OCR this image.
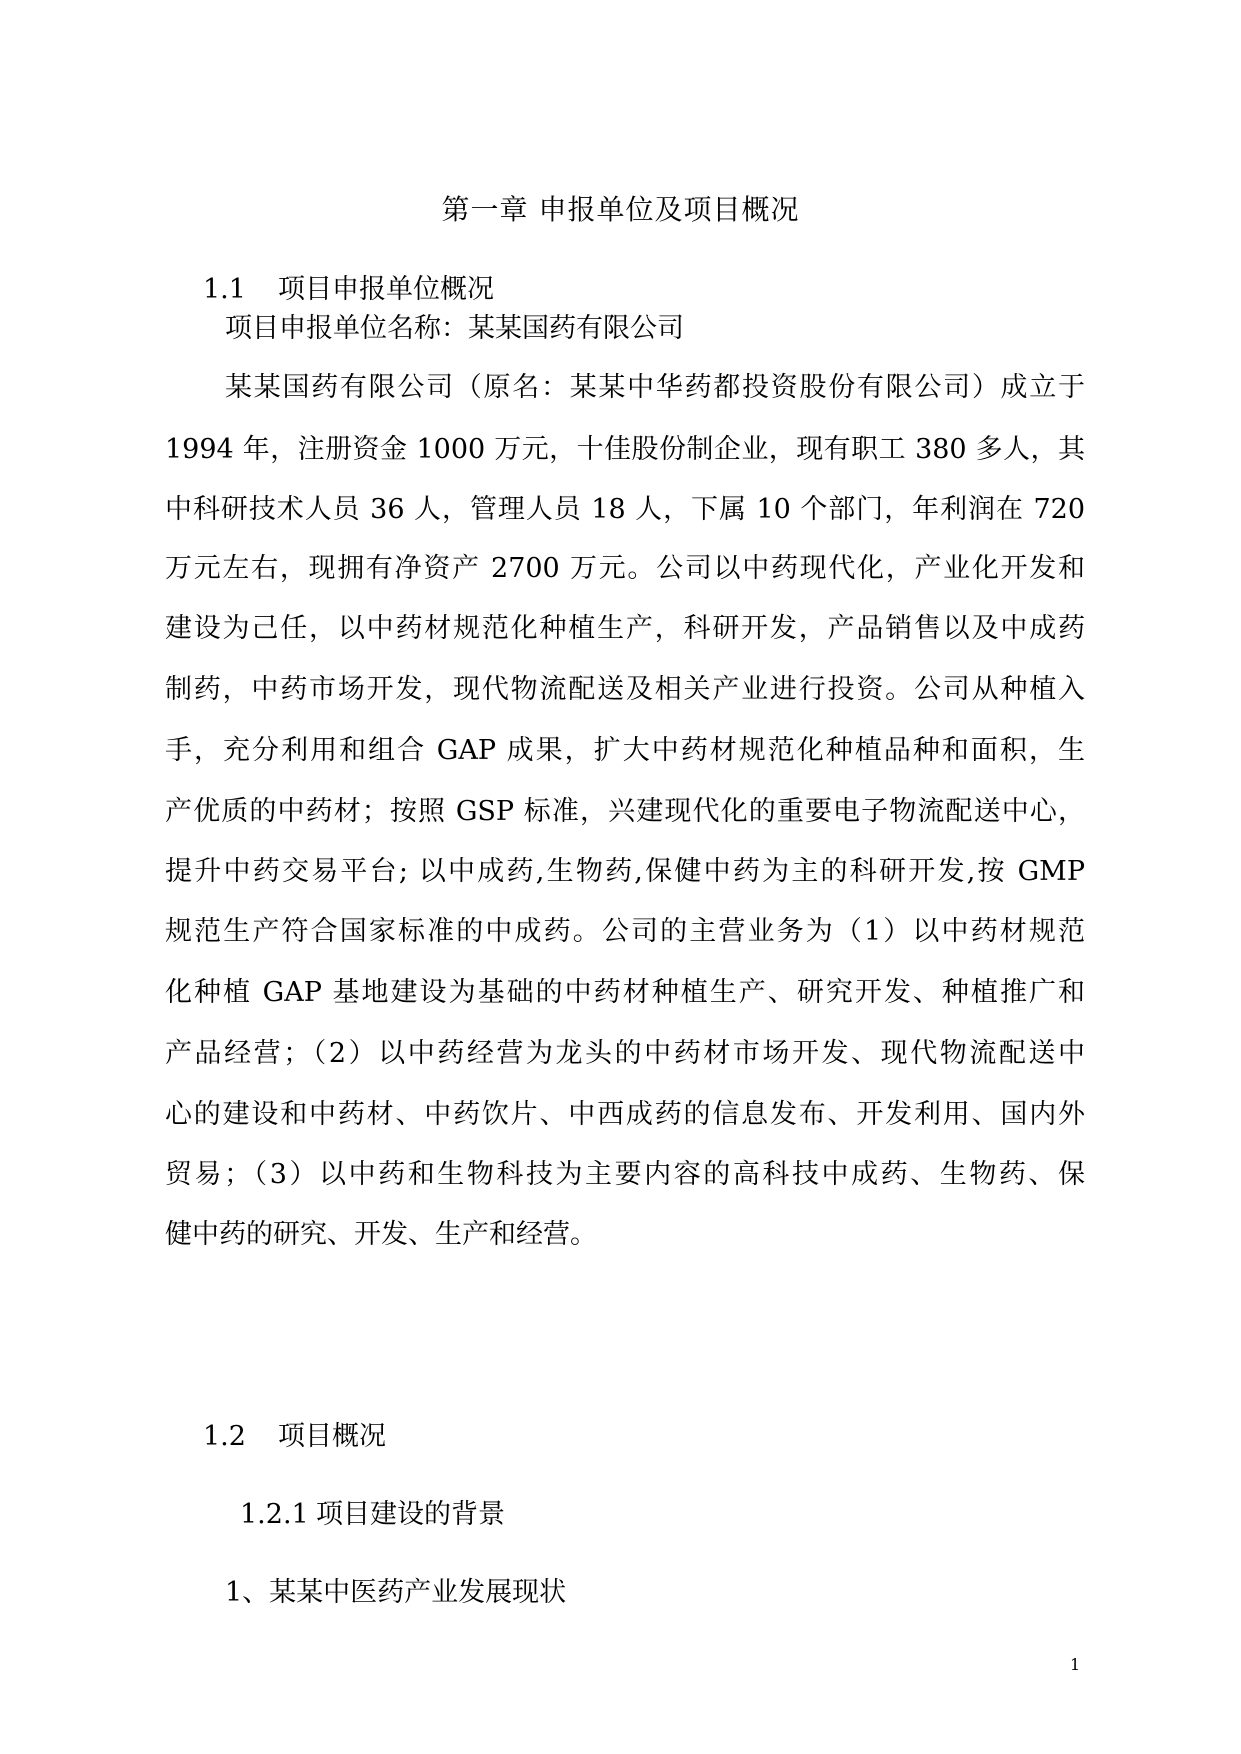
第一章 申报单位及项目概况
1.1 项目申报单位概况
项目申报单位名称：某某国药有限公司
某某国药有限公司（原名：某某中华药都投资股份有限公司）成立于
1994 年，注册资金 1000 万元，十佳股份制企业，现有职工 380 多人，其
中科研技术人员 36 人，管理人员 18 人，下属 10 个部门，年利润在 720
万元左右，现拥有净资产 2700 万元。公司以中药现代化，产业化开发和
建设为己任，以中药材规范化种植生产，科研开发，产品销售以及中成药
制药，中药市场开发，现代物流配送及相关产业进行投资。公司从种植入
手，充分利用和组合 GAP 成果，扩大中药材规范化种植品种和面积，生
产优质的中药材；按照 GSP 标准，兴建现代化的重要电子物流配送中心，
提升中药交易平台; 以中成药,生物药,保健中药为主的科研开发,按 GMP
规范生产符合国家标准的中成药。公司的主营业务为（1）以中药材规范
化种植 GAP 基地建设为基础的中药材种植生产、研究开发、种植推广和
产品经营；（2）以中药经营为龙头的中药材市场开发、现代物流配送中
心的建设和中药材、中药饮片、中西成药的信息发布、开发利用、国内外
贸易；（3）以中药和生物科技为主要内容的高科技中成药、生物药、保
健中药的研究、开发、生产和经营。
1.2 项目概况
1.2.1 项目建设的背景
1、某某中医药产业发展现状
1
